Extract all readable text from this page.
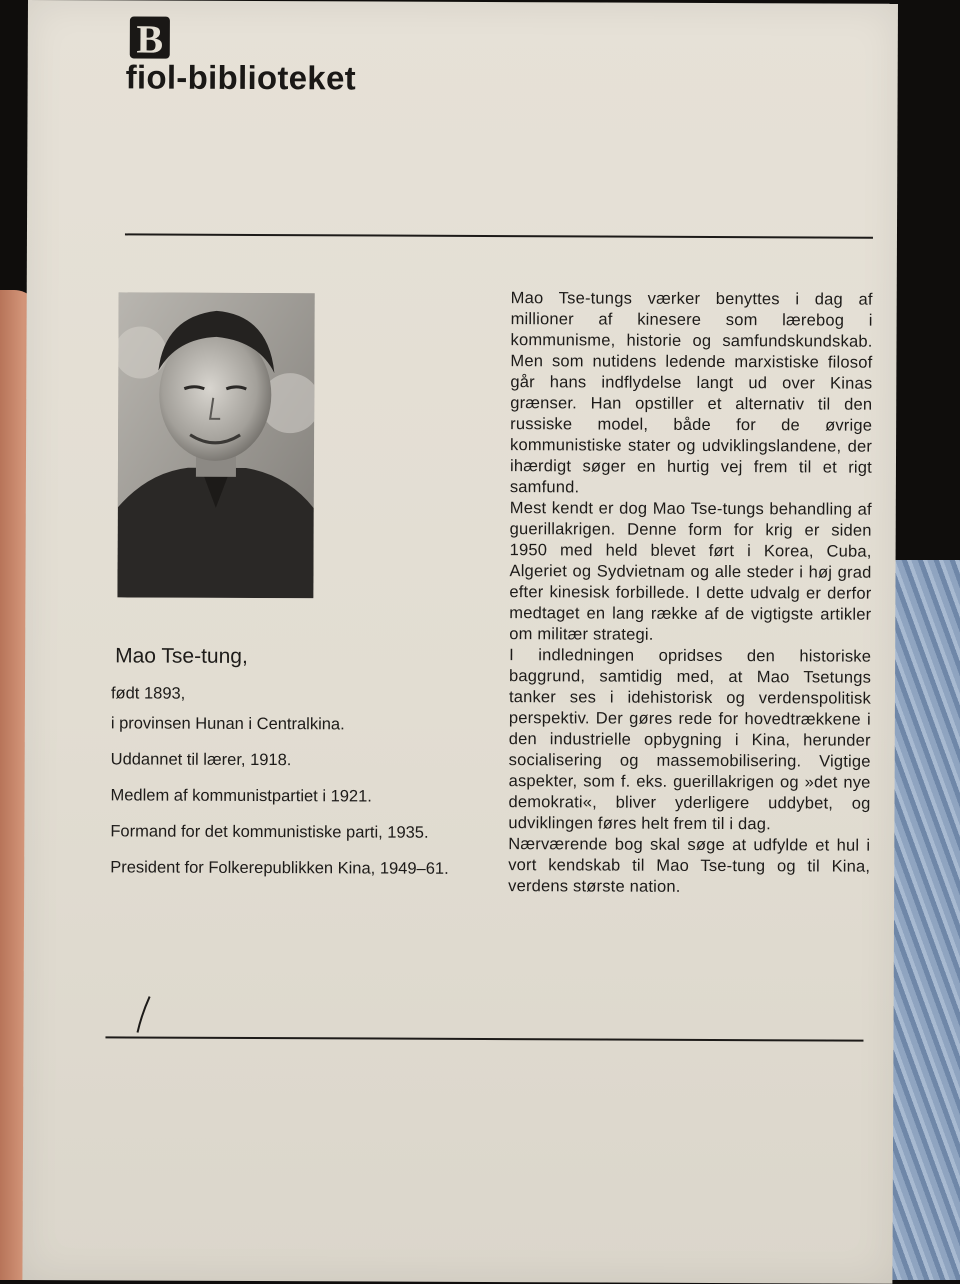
B
fiol-biblioteket

Mao Tse-tung,

født 1893,

i provinsen Hunan i Centralkina.

Uddannet til lærer, 1918.

Medlem af kommunistpartiet i 1921.

Formand for det kommunistiske parti, 1935.

President for Folkerepublikken Kina, 1949–61.

Mao Tse-tungs værker benyttes i dag af millioner af kinesere som lærebog i kommunisme, historie og samfundskundskab. Men som nutidens ledende marxistiske filosof går hans indflydelse langt ud over Kinas grænser. Han opstiller et alternativ til den russiske model, både for de øvrige kommunistiske stater og udviklingslandene, der ihærdigt søger en hurtig vej frem til et rigt samfund.

Mest kendt er dog Mao Tse-tungs behandling af guerillakrigen. Denne form for krig er siden 1950 med held blevet ført i Korea, Cuba, Algeriet og Sydvietnam og alle steder i høj grad efter kinesisk forbillede. I dette udvalg er derfor medtaget en lang række af de vigtigste artikler om militær strategi.

I indledningen opridses den historiske baggrund, samtidig med, at Mao Tsetungs tanker ses i idehistorisk og verdenspolitisk perspektiv. Der gøres rede for hovedtrækkene i den industrielle opbygning i Kina, herunder socialisering og massemobilisering. Vigtige aspekter, som f. eks. guerillakrigen og »det nye demokrati«, bliver yderligere uddybet, og udviklingen føres helt frem til i dag.

Nærværende bog skal søge at udfylde et hul i vort kendskab til Mao Tse-tung og til Kina, verdens største nation.
